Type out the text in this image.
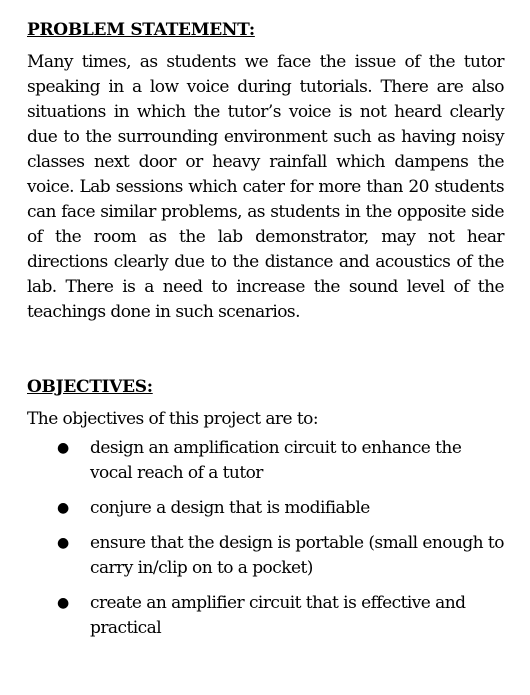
PROBLEM STATEMENT:

Many times, as students we face the issue of the tutor speaking in a low voice during tutorials. There are also situations in which the tutor’s voice is not heard clearly due to the surrounding environment such as having noisy classes next door or heavy rainfall which dampens the voice. Lab sessions which cater for more than 20 students can face similar problems, as students in the opposite side of the room as the lab demonstrator, may not hear directions clearly due to the distance and acoustics of the lab. There is a need to increase the sound level of the teachings done in such scenarios.

OBJECTIVES:

The objectives of this project are to:

● design an amplification circuit to enhance the vocal reach of a tutor
● conjure a design that is modifiable
● ensure that the design is portable (small enough to carry in/clip on to a pocket)
● create an amplifier circuit that is effective and practical
